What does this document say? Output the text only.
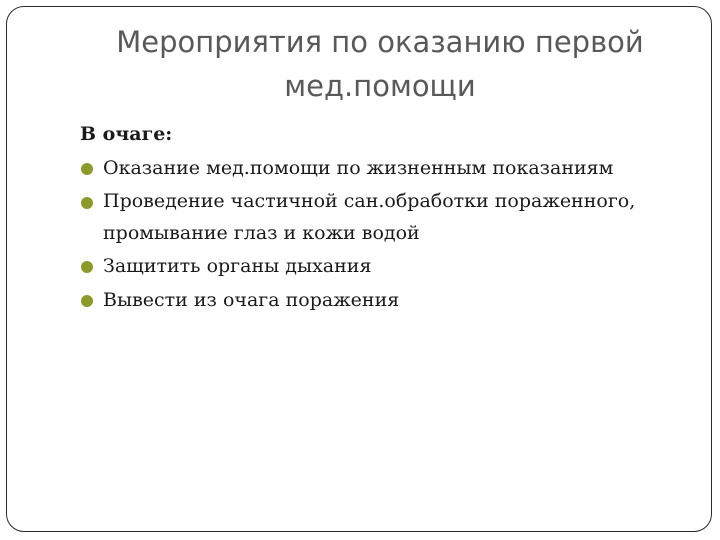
Мероприятия по оказанию первой
мед.помощи
В очаге:
Оказание мед.помощи по жизненным показаниям
Проведение частичной сан.обработки пораженного,
промывание глаз и кожи водой
Защитить органы дыхания
Вывести из очага поражения
